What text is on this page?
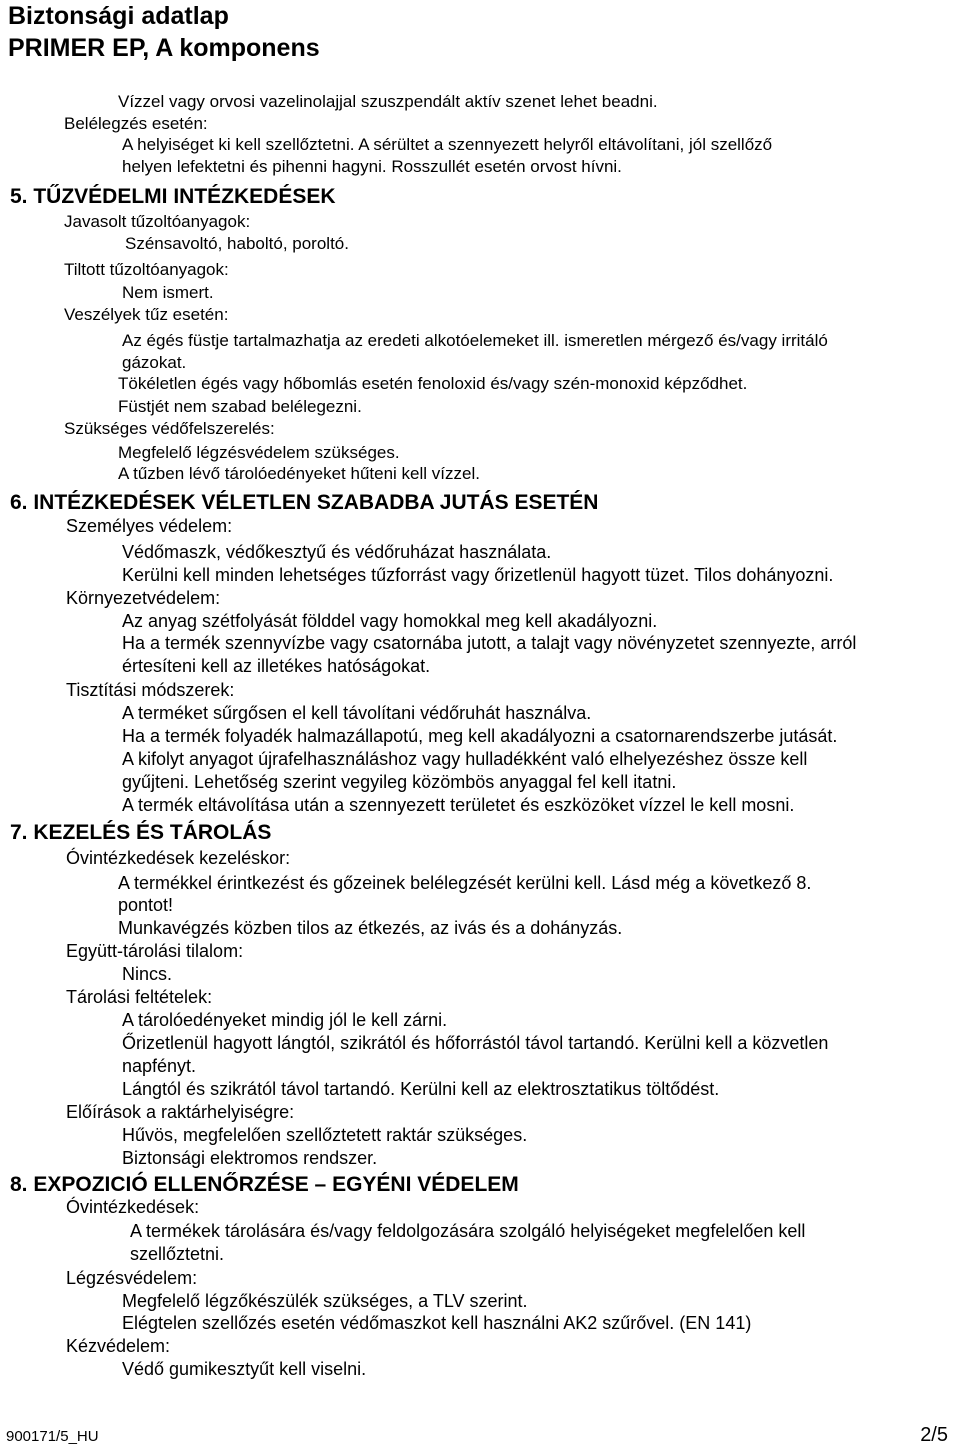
Biztonsági adatlap
PRIMER EP, A komponens
Vízzel vagy orvosi vazelinolajjal szuszpendált aktív szenet lehet beadni.
Belélegzés esetén:
A helyiséget ki kell szellőztetni. A sérültet a szennyezett helyről eltávolítani, jól szellőző
helyen lefektetni és pihenni hagyni. Rosszullét esetén orvost hívni.
5. TŰZVÉDELMI INTÉZKEDÉSEK
Javasolt tűzoltóanyagok:
Szénsavoltó, haboltó, poroltó.
Tiltott tűzoltóanyagok:
Nem ismert.
Veszélyek tűz esetén:
Az égés füstje tartalmazhatja az eredeti alkotóelemeket ill. ismeretlen mérgező és/vagy irritáló
gázokat.
Tökéletlen égés vagy hőbomlás esetén fenoloxid és/vagy szén-monoxid képződhet.
Füstjét nem szabad belélegezni.
Szükséges védőfelszerelés:
Megfelelő légzésvédelem szükséges.
A tűzben lévő tárolóedényeket hűteni kell vízzel.
6. INTÉZKEDÉSEK VÉLETLEN SZABADBA JUTÁS ESETÉN
Személyes védelem:
Védőmaszk, védőkesztyű és védőruházat használata.
Kerülni kell minden lehetséges tűzforrást vagy őrizetlenül hagyott tüzet. Tilos dohányozni.
Környezetvédelem:
Az anyag szétfolyását földdel vagy homokkal meg kell akadályozni.
Ha a termék szennyvízbe vagy csatornába jutott, a talajt vagy növényzetet szennyezte, arról
értesíteni kell az illetékes hatóságokat.
Tisztítási módszerek:
A terméket sűrgősen el kell távolítani védőruhát használva.
Ha a termék folyadék halmazállapotú, meg kell akadályozni a csatornarendszerbe jutását.
A kifolyt anyagot újrafelhasználáshoz vagy hulladékként való elhelyezéshez össze kell
gyűjteni. Lehetőség szerint vegyileg közömbös anyaggal fel kell itatni.
A termék eltávolítása után a szennyezett területet és eszközöket vízzel le kell mosni.
7. KEZELÉS ÉS TÁROLÁS
Óvintézkedések kezeléskor:
A termékkel érintkezést és gőzeinek belélegzését kerülni kell. Lásd még a következő 8.
pontot!
Munkavégzés közben tilos az étkezés, az ivás és a dohányzás.
Együtt-tárolási tilalom:
Nincs.
Tárolási feltételek:
A tárolóedényeket mindig jól le kell zárni.
Őrizetlenül hagyott lángtól, szikrától és hőforrástól távol tartandó. Kerülni kell a közvetlen
napfényt.
Lángtól és szikrától távol tartandó. Kerülni kell az elektrosztatikus töltődést.
Előírások a raktárhelyiségre:
Hűvös, megfelelően szellőztetett raktár szükséges.
Biztonsági elektromos rendszer.
8. EXPOZICIÓ ELLENŐRZÉSE – EGYÉNI VÉDELEM
Óvintézkedések:
A termékek tárolására és/vagy feldolgozására szolgáló helyiségeket megfelelően kell
szellőztetni.
Légzésvédelem:
Megfelelő légzőkészülék szükséges, a TLV szerint.
Elégtelen szellőzés esetén védőmaszkot kell használni AK2 szűrővel. (EN 141)
Kézvédelem:
Védő gumikesztyűt kell viselni.
900171/5_HU	2/5
